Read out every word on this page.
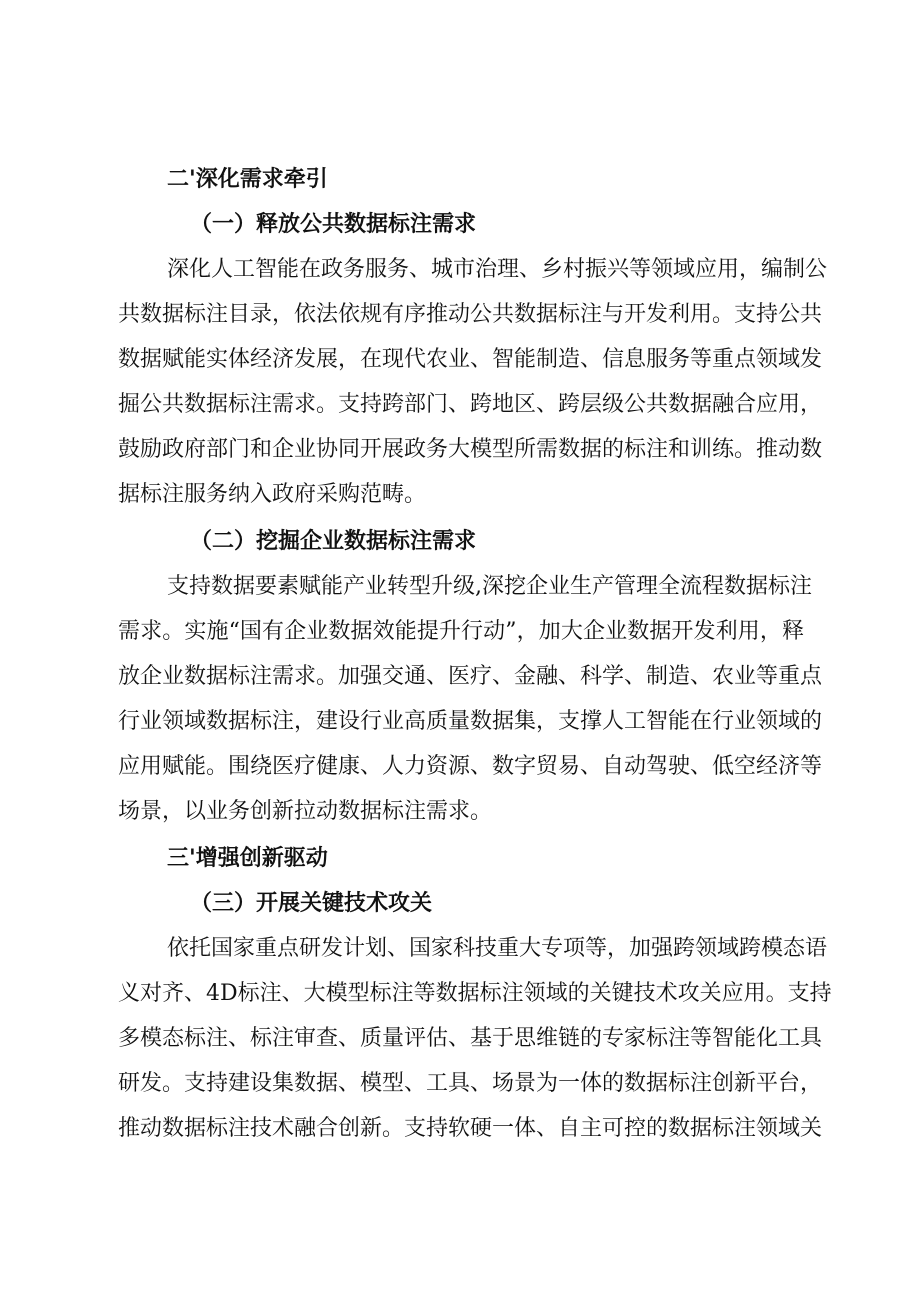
二'深化需求牵引
（一）释放公共数据标注需求
深化人工智能在政务服务、城市治理、乡村振兴等领域应用，编制公
共数据标注目录，依法依规有序推动公共数据标注与开发利用。支持公共
数据赋能实体经济发展，在现代农业、智能制造、信息服务等重点领域发
掘公共数据标注需求。支持跨部门、跨地区、跨层级公共数据融合应用，
鼓励政府部门和企业协同开展政务大模型所需数据的标注和训练。推动数
据标注服务纳入政府采购范畴。
（二）挖掘企业数据标注需求
支持数据要素赋能产业转型升级,深挖企业生产管理全流程数据标注
需求。实施“国有企业数据效能提升行动”，加大企业数据开发利用，释
放企业数据标注需求。加强交通、医疗、金融、科学、制造、农业等重点
行业领域数据标注，建设行业高质量数据集，支撑人工智能在行业领域的
应用赋能。围绕医疗健康、人力资源、数字贸易、自动驾驶、低空经济等
场景，以业务创新拉动数据标注需求。
三'增强创新驱动
（三）开展关键技术攻关
依托国家重点研发计划、国家科技重大专项等，加强跨领域跨模态语
义对齐、4D标注、大模型标注等数据标注领域的关键技术攻关应用。支持
多模态标注、标注审查、质量评估、基于思维链的专家标注等智能化工具
研发。支持建设集数据、模型、工具、场景为一体的数据标注创新平台，
推动数据标注技术融合创新。支持软硬一体、自主可控的数据标注领域关
